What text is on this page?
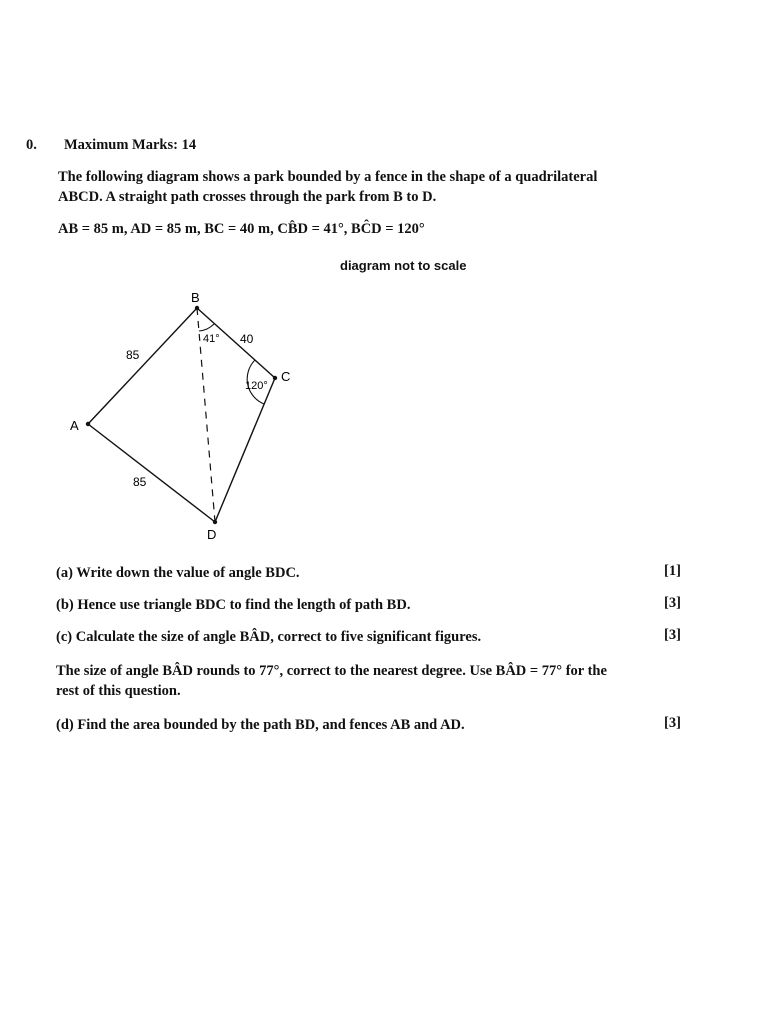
0. Maximum Marks: 14
The following diagram shows a park bounded by a fence in the shape of a quadrilateral
ABCD. A straight path crosses through the park from B to D.
AB = 85 m, AD = 85 m, BC = 40 m, CB̂D = 41°, BĈD = 120°
diagram not to scale
B
C
A
D
85
85
40
41°
120°
(a) Write down the value of angle BDC.	[1]
(b) Hence use triangle BDC to find the length of path BD.	[3]
(c) Calculate the size of angle BÂD, correct to five significant figures.	[3]
The size of angle BÂD rounds to 77°, correct to the nearest degree. Use BÂD = 77° for the
rest of this question.
(d) Find the area bounded by the path BD, and fences AB and AD.	[3]
